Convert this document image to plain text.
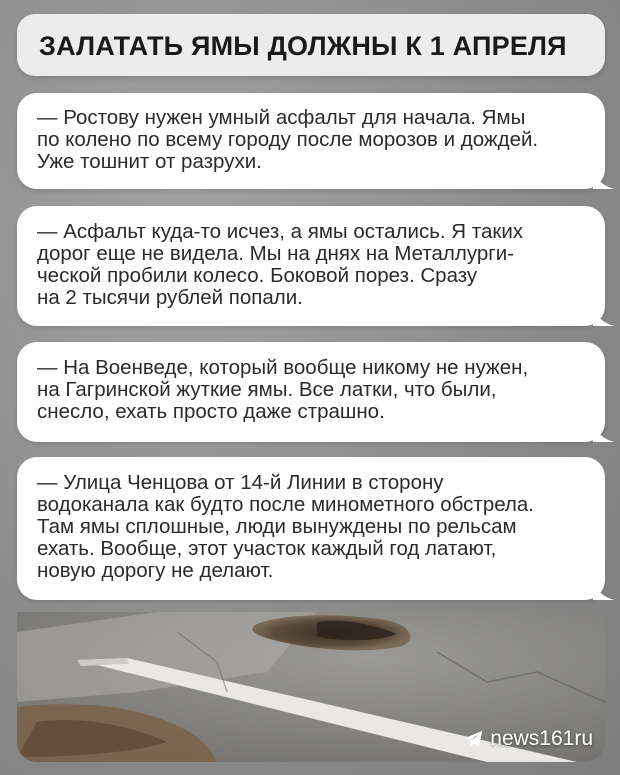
ЗАЛАТАТЬ ЯМЫ ДОЛЖНЫ К 1 АПРЕЛЯ

— Ростову нужен умный асфальт для начала. Ямы
по колено по всему городу после морозов и дождей.
Уже тошнит от разрухи.

— Асфальт куда-то исчез, а ямы остались. Я таких
дорог еще не видела. Мы на днях на Металлурги-
ческой пробили колесо. Боковой порез. Сразу
на 2 тысячи рублей попали.

— На Военведе, который вообще никому не нужен,
на Гагринской жуткие ямы. Все латки, что были,
снесло, ехать просто даже страшно.

— Улица Ченцова от 14-й Линии в сторону
водоканала как будто после минометного обстрела.
Там ямы сплошные, люди вынуждены по рельсам
ехать. Вообще, этот участок каждый год латают,
новую дорогу не делают.

news161ru
